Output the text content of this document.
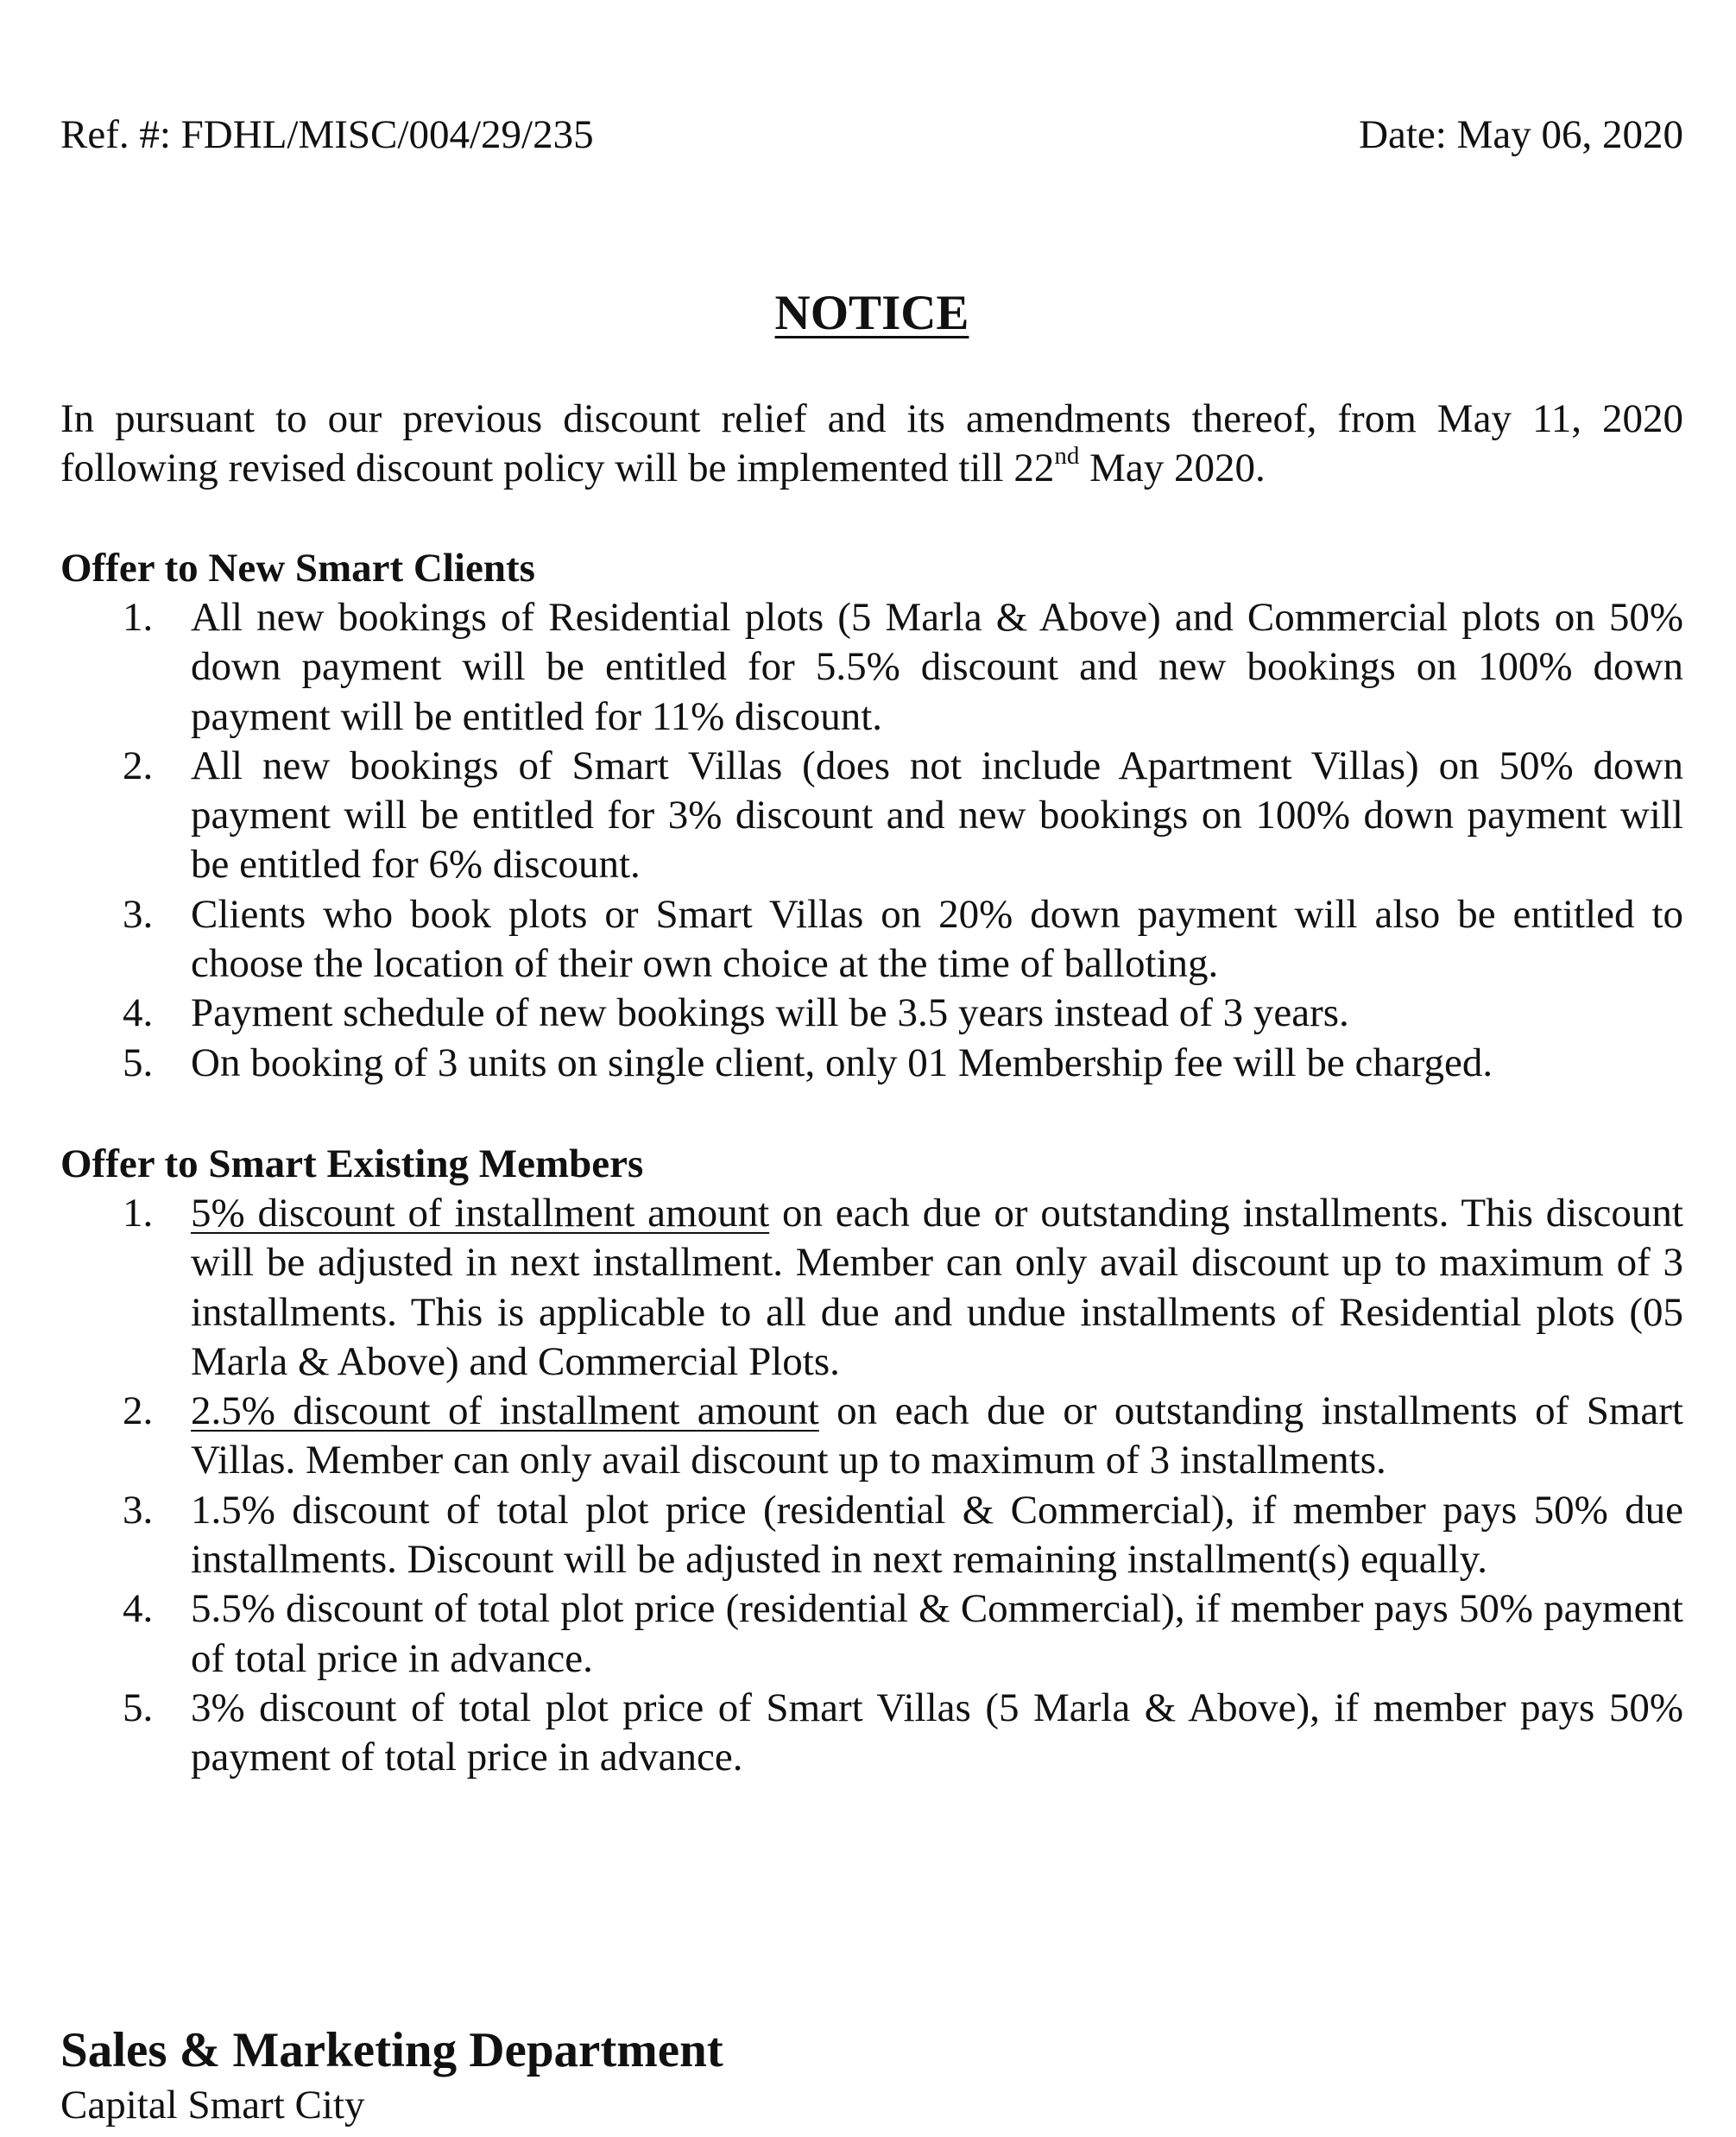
Ref. #: FDHL/MISC/004/29/235	Date: May 06, 2020
NOTICE
In pursuant to our previous discount relief and its amendments thereof, from May 11, 2020 following revised discount policy will be implemented till 22nd May 2020.
Offer to New Smart Clients
1. All new bookings of Residential plots (5 Marla & Above) and Commercial plots on 50% down payment will be entitled for 5.5% discount and new bookings on 100% down payment will be entitled for 11% discount.
2. All new bookings of Smart Villas (does not include Apartment Villas) on 50% down payment will be entitled for 3% discount and new bookings on 100% down payment will be entitled for 6% discount.
3. Clients who book plots or Smart Villas on 20% down payment will also be entitled to choose the location of their own choice at the time of balloting.
4. Payment schedule of new bookings will be 3.5 years instead of 3 years.
5. On booking of 3 units on single client, only 01 Membership fee will be charged.
Offer to Smart Existing Members
1. 5% discount of installment amount on each due or outstanding installments. This discount will be adjusted in next installment. Member can only avail discount up to maximum of 3 installments. This is applicable to all due and undue installments of Residential plots (05 Marla & Above) and Commercial Plots.
2. 2.5% discount of installment amount on each due or outstanding installments of Smart Villas. Member can only avail discount up to maximum of 3 installments.
3. 1.5% discount of total plot price (residential & Commercial), if member pays 50% due installments. Discount will be adjusted in next remaining installment(s) equally.
4. 5.5% discount of total plot price (residential & Commercial), if member pays 50% payment of total price in advance.
5. 3% discount of total plot price of Smart Villas (5 Marla & Above), if member pays 50% payment of total price in advance.
Sales & Marketing Department
Capital Smart City
